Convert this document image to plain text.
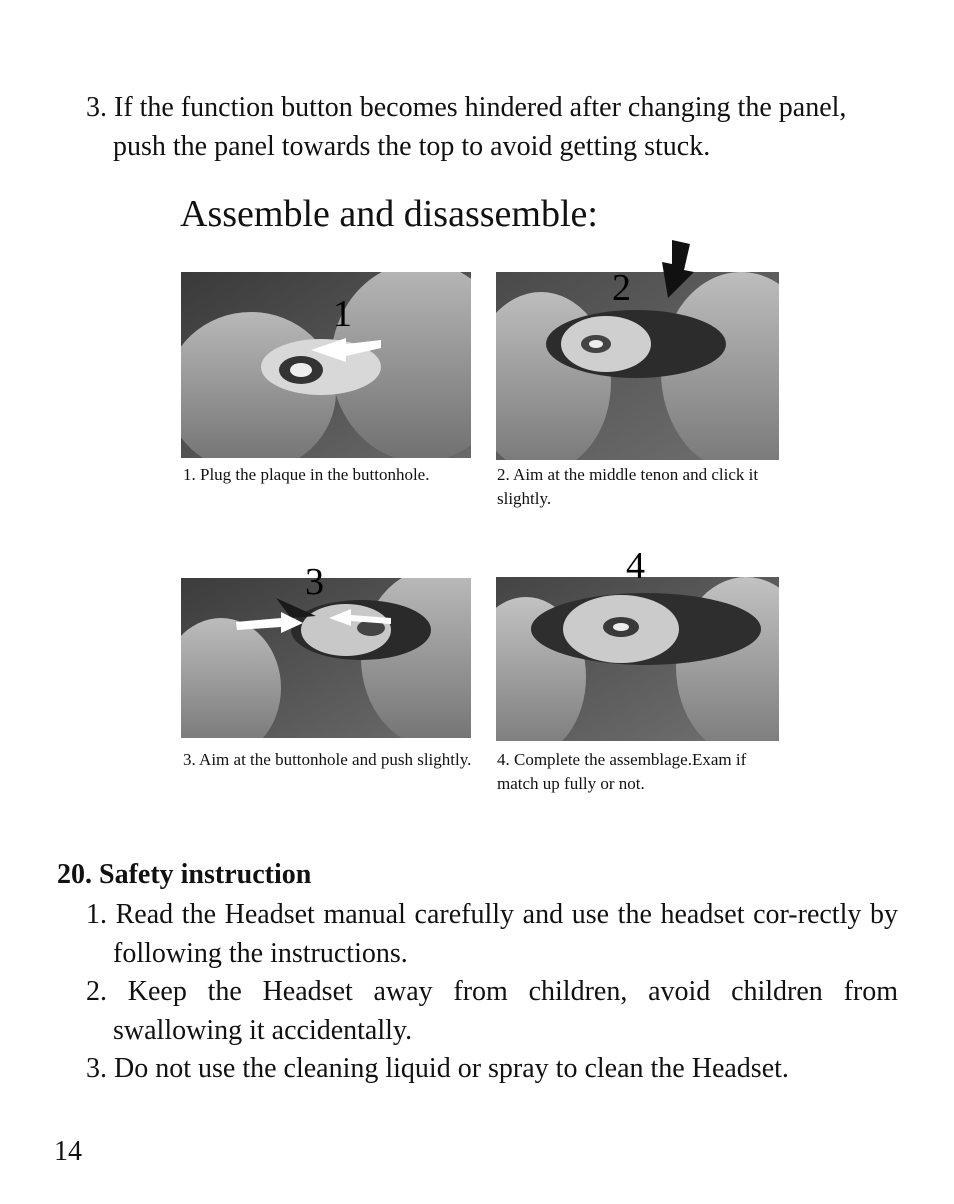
3. If the function button becomes hindered after changing the panel, push the panel towards the top to avoid getting stuck.

Assemble and disassemble:
1
1. Plug the plaque in the buttonhole.
2
2. Aim at the middle tenon and click it slightly.
3
3. Aim at the buttonhole and push slightly.
4
4. Complete the assemblage.Exam if match up fully or not.
20. Safety instruction

1. Read the Headset manual carefully and use the headset cor-rectly by following the instructions.

2. Keep the Headset away from children, avoid children from swallowing it accidentally.

3. Do not use the cleaning liquid or spray to clean the Headset.

14
